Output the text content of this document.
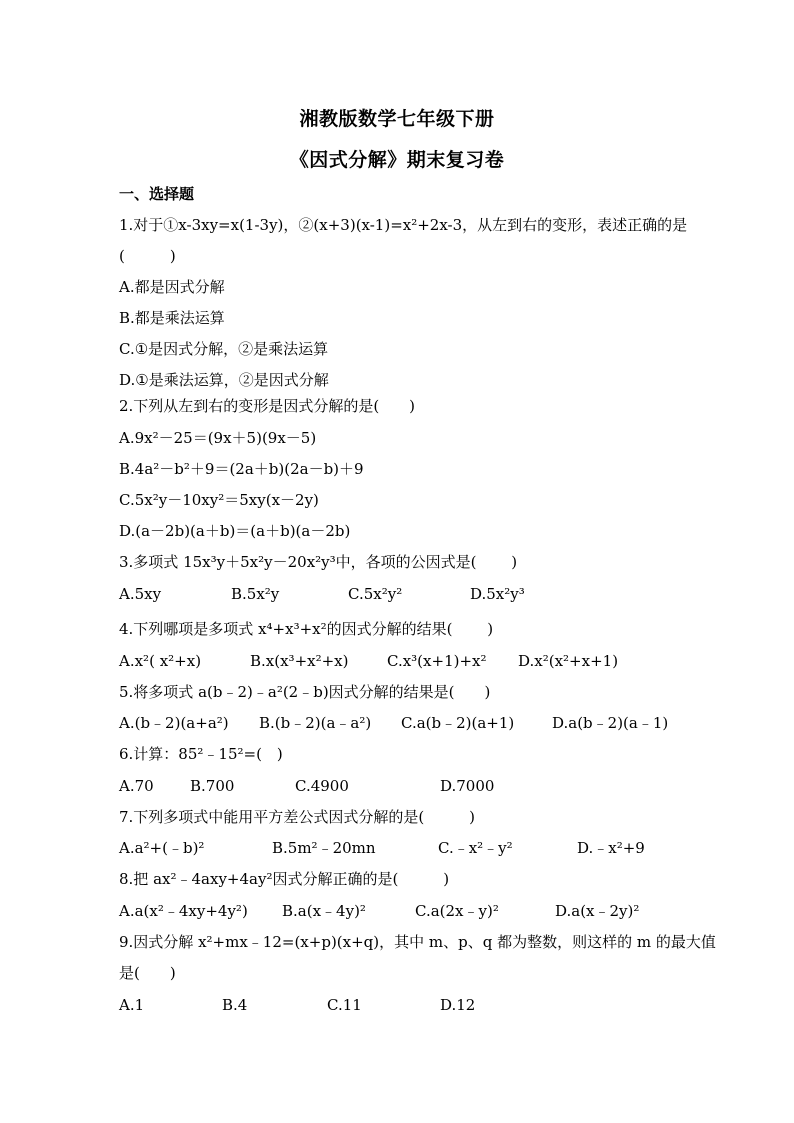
湘教版数学七年级下册
《因式分解》期末复习卷
一、选择题
1.对于①x-3xy=x(1-3y)，②(x+3)(x-1)=x²+2x-3，从左到右的变形，表述正确的是
(　　　)
A.都是因式分解
B.都是乘法运算
C.①是因式分解，②是乘法运算
D.①是乘法运算，②是因式分解
2.下列从左到右的变形是因式分解的是(　　)
A.9x²－25＝(9x＋5)(9x－5)
B.4a²－b²＋9＝(2a＋b)(2a－b)＋9
C.5x²y－10xy²＝5xy(x－2y)
D.(a－2b)(a＋b)＝(a＋b)(a－2b)
3.多项式 15x³y＋5x²y－20x²y³中，各项的公因式是(　　 )
A.5xy	B.5x²y	C.5x²y²	D.5x²y³
4.下列哪项是多项式 x⁴+x³+x²的因式分解的结果(　　 )
A.x²( x²+x)	B.x(x³+x²+x)	C.x³(x+1)+x² D.x²(x²+x+1)
5.将多项式 a(b﹣2)﹣a²(2﹣b)因式分解的结果是(　　)
A.(b﹣2)(a+a²) B.(b﹣2)(a﹣a²) C.a(b﹣2)(a+1)	D.a(b﹣2)(a﹣1)
6.计算：85²﹣15²=(　)
A.70 B.700	C.4900	D.7000
7.下列多项式中能用平方差公式因式分解的是(　　　)
A.a²+(﹣b)²	B.5m²﹣20mn	C.﹣x²﹣y²	D.﹣x²+9
8.把 ax²﹣4axy+4ay²因式分解正确的是(　　　)
A.a(x²﹣4xy+4y²) B.a(x﹣4y)²	C.a(2x﹣y)²	D.a(x﹣2y)²
9.因式分解 x²+mx﹣12=(x+p)(x+q)，其中 m、p、q 都为整数，则这样的 m 的最大值
是(　　)
A.1	B.4	C.11	D.12
